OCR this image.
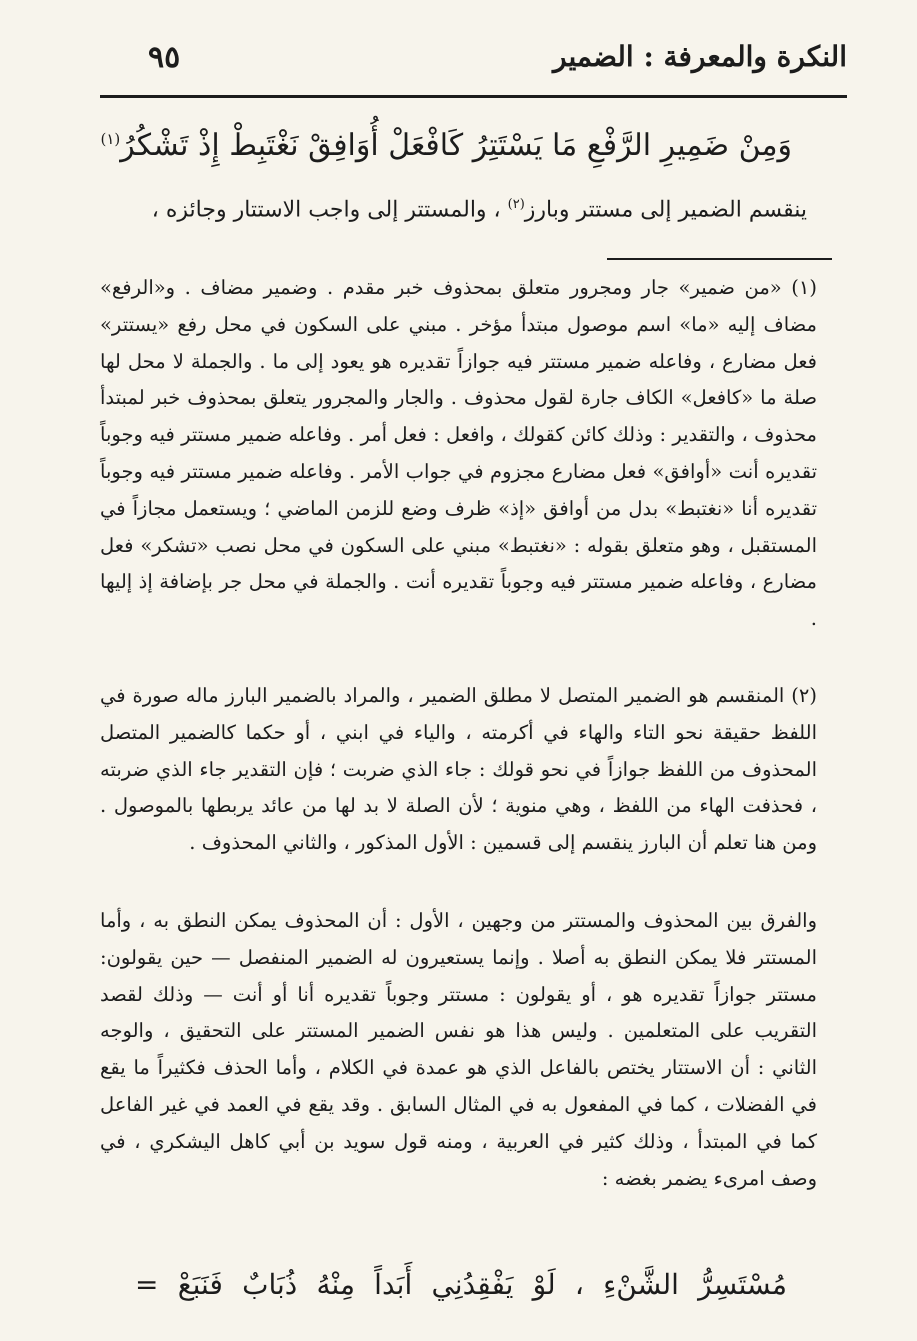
٩٥	النكرة والمعرفة : الضمير
وَمِنْ ضَمِيرِ الرَّفْعِ مَا يَسْتَتِرُ كَافْعَلْ أُوَافِقْ نَغْتَبِطْ إِذْ تَشْكُرُ$^{(١)}$
ينقسم الضمير إلى مستتر وبارز$^{(٢)}$ ، والمستتر إلى واجب الاستتار وجائزه ،
(١) «من ضمير» جار ومجرور متعلق بمحذوف خبر مقدم . وضمير مضاف . و«الرفع» مضاف إليه «ما» اسم موصول مبتدأ مؤخر . مبني على السكون في محل رفع «يستتر» فعل مضارع ، وفاعله ضمير مستتر فيه جوازاً تقديره هو يعود إلى ما . والجملة لا محل لها صلة ما «كافعل» الكاف جارة لقول محذوف . والجار والمجرور يتعلق بمحذوف خبر لمبتدأ محذوف ، والتقدير : وذلك كائن كقولك ، وافعل : فعل أمر . وفاعله ضمير مستتر فيه وجوباً تقديره أنت «أوافق» فعل مضارع مجزوم في جواب الأمر . وفاعله ضمير مستتر فيه وجوباً تقديره أنا «نغتبط» بدل من أوافق «إذ» ظرف وضع للزمن الماضي ؛ ويستعمل مجازاً في المستقبل ، وهو متعلق بقوله : «نغتبط» مبني على السكون في محل نصب «تشكر» فعل مضارع ، وفاعله ضمير مستتر فيه وجوباً تقديره أنت . والجملة في محل جر بإضافة إذ إليها .
(٢) المنقسم هو الضمير المتصل لا مطلق الضمير ، والمراد بالضمير البارز ماله صورة في اللفظ حقيقة نحو التاء والهاء في أكرمته ، والياء في ابني ، أو حكما كالضمير المتصل المحذوف من اللفظ جوازاً في نحو قولك : جاء الذي ضربت ؛ فإن التقدير جاء الذي ضربته ، فحذفت الهاء من اللفظ ، وهي منوية ؛ لأن الصلة لا بد لها من عائد يربطها بالموصول . ومن هنا تعلم أن البارز ينقسم إلى قسمين : الأول المذكور ، والثاني المحذوف .
والفرق بين المحذوف والمستتر من وجهين ، الأول : أن المحذوف يمكن النطق به ، وأما المستتر فلا يمكن النطق به أصلا . وإنما يستعيرون له الضمير المنفصل — حين يقولون: مستتر جوازاً تقديره هو ، أو يقولون : مستتر وجوباً تقديره أنا أو أنت — وذلك لقصد التقريب على المتعلمين . وليس هذا هو نفس الضمير المستتر على التحقيق ، والوجه الثاني : أن الاستتار يختص بالفاعل الذي هو عمدة في الكلام ، وأما الحذف فكثيراً ما يقع في الفضلات ، كما في المفعول به في المثال السابق . وقد يقع في العمد في غير الفاعل كما في المبتدأ ، وذلك كثير في العربية ، ومنه قول سويد بن أبي كاهل اليشكري ، في وصف امرىء يضمر بغضه :
مُسْتَسِرُّ الشَّنْءِ ، لَوْ يَفْقِدُنِي أَبَداً مِنْهُ ذُبَابٌ فَنَبَعْ =
